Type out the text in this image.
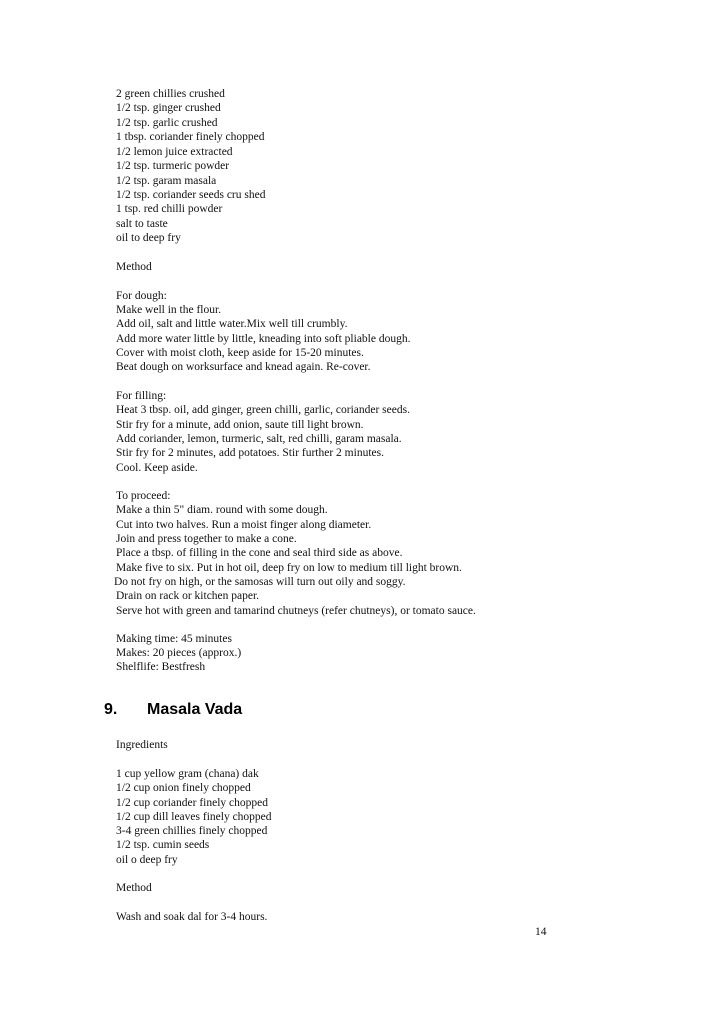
2 green chillies crushed
1/2 tsp. ginger crushed
1/2 tsp. garlic crushed
1 tbsp. coriander finely chopped
1/2 lemon juice extracted
1/2 tsp. turmeric powder
1/2 tsp. garam masala
1/2 tsp. coriander seeds cru shed
1 tsp. red chilli powder
salt to taste
oil to deep fry
Method
For dough:
Make well in the flour.
Add oil, salt and little water.Mix well till crumbly.
Add more water little by little, kneading into soft pliable dough.
Cover with moist cloth, keep aside for 15-20 minutes.
Beat dough on worksurface and knead again. Re-cover.
For filling:
Heat 3 tbsp. oil, add ginger, green chilli, garlic, coriander seeds.
Stir fry for a minute, add onion, saute till light brown.
Add coriander, lemon, turmeric, salt, red chilli, garam masala.
Stir fry for 2 minutes, add potatoes. Stir further 2 minutes.
Cool. Keep aside.
To proceed:
Make a thin 5" diam. round with some dough.
Cut into two halves. Run a moist finger along diameter.
Join and press together to make a cone.
Place a tbsp. of filling in the cone and seal third side as above.
Make five to six. Put in hot oil, deep fry on low to medium till light brown.
Do not fry on high, or the samosas will turn out oily and soggy.
Drain on rack or kitchen paper.
Serve hot with green and tamarind chutneys (refer chutneys), or tomato sauce.
Making time: 45 minutes
Makes: 20 pieces (approx.)
Shelflife: Bestfresh
9. Masala Vada
Ingredients
1 cup yellow gram (chana) dak
1/2 cup onion finely chopped
1/2 cup coriander finely chopped
1/2 cup dill leaves finely chopped
3-4 green chillies finely chopped
1/2 tsp. cumin seeds
oil o deep fry
Method
Wash and soak dal for 3-4 hours.
14
